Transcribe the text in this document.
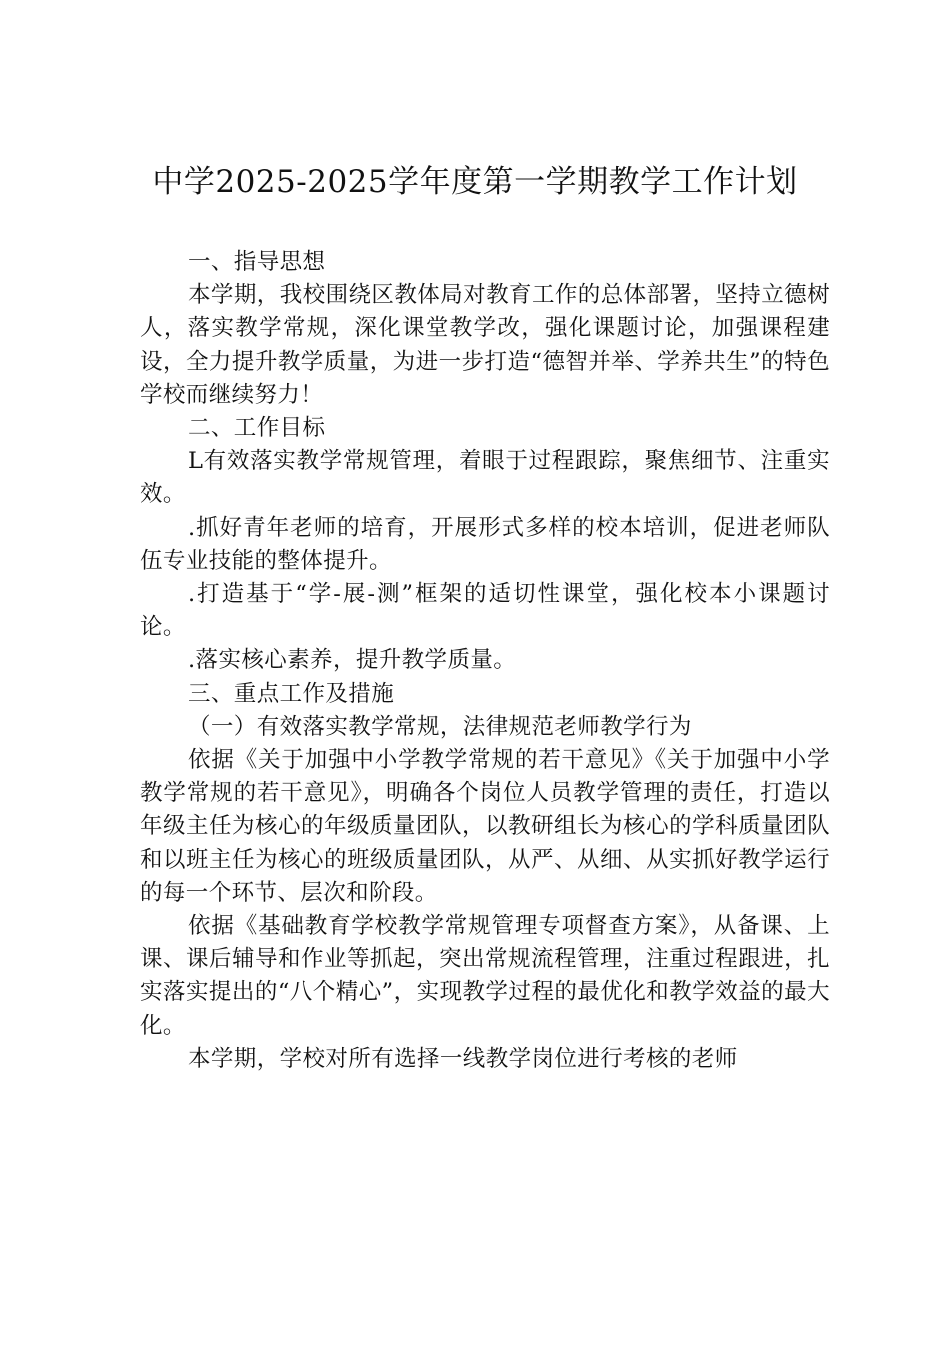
中学2025-2025学年度第一学期教学工作计划

一、指导思想

本学期，我校围绕区教体局对教育工作的总体部署，坚持立德树人，落实教学常规，深化课堂教学改，强化课题讨论，加强课程建设，全力提升教学质量，为进一步打造“德智并举、学养共生”的特色学校而继续努力！

二、工作目标

L有效落实教学常规管理，着眼于过程跟踪，聚焦细节、注重实效。

.抓好青年老师的培育，开展形式多样的校本培训，促进老师队伍专业技能的整体提升。

.打造基于“学-展-测”框架的适切性课堂，强化校本小课题讨论。

.落实核心素养，提升教学质量。

三、重点工作及措施

（一）有效落实教学常规，法律规范老师教学行为

依据《关于加强中小学教学常规的若干意见》《关于加强中小学教学常规的若干意见》，明确各个岗位人员教学管理的责任，打造以年级主任为核心的年级质量团队，以教研组长为核心的学科质量团队和以班主任为核心的班级质量团队，从严、从细、从实抓好教学运行的每一个环节、层次和阶段。

依据《基础教育学校教学常规管理专项督查方案》，从备课、上课、课后辅导和作业等抓起，突出常规流程管理，注重过程跟进，扎实落实提出的“八个精心”，实现教学过程的最优化和教学效益的最大化。

本学期，学校对所有选择一线教学岗位进行考核的老师
